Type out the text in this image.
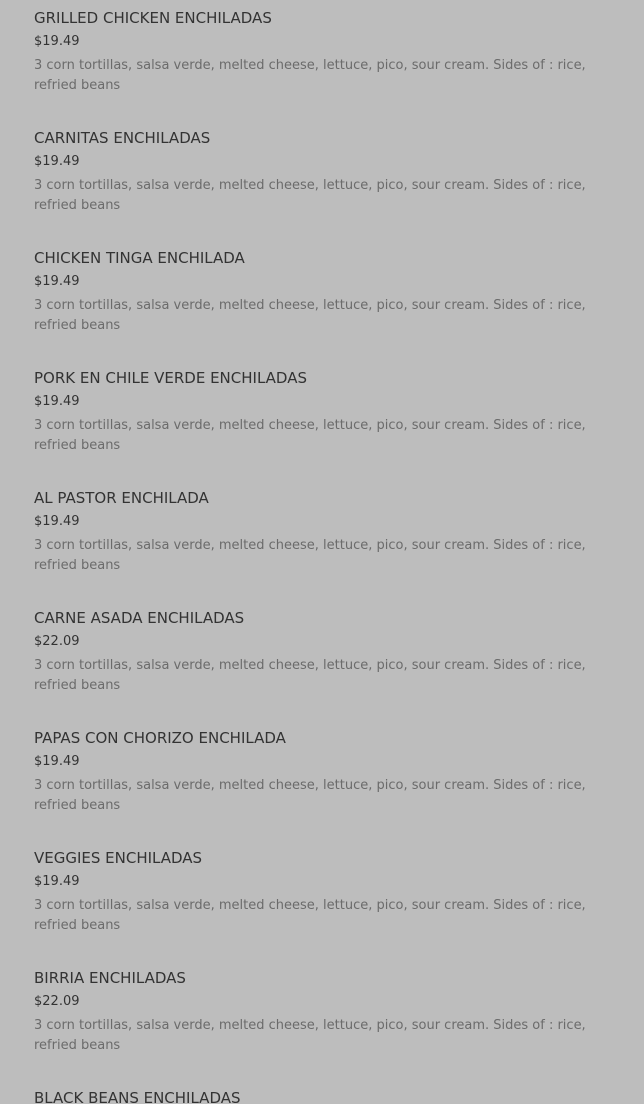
GRILLED CHICKEN ENCHILADAS
$19.49

3 corn tortillas, salsa verde, melted cheese, lettuce, pico, sour cream. Sides of : rice, refried beans

CARNITAS ENCHILADAS
$19.49

3 corn tortillas, salsa verde, melted cheese, lettuce, pico, sour cream. Sides of : rice, refried beans

CHICKEN TINGA ENCHILADA
$19.49

3 corn tortillas, salsa verde, melted cheese, lettuce, pico, sour cream. Sides of : rice, refried beans

PORK EN CHILE VERDE ENCHILADAS
$19.49

3 corn tortillas, salsa verde, melted cheese, lettuce, pico, sour cream. Sides of : rice, refried beans

AL PASTOR ENCHILADA
$19.49

3 corn tortillas, salsa verde, melted cheese, lettuce, pico, sour cream. Sides of : rice, refried beans

CARNE ASADA ENCHILADAS
$22.09

3 corn tortillas, salsa verde, melted cheese, lettuce, pico, sour cream. Sides of : rice, refried beans

PAPAS CON CHORIZO ENCHILADA
$19.49

3 corn tortillas, salsa verde, melted cheese, lettuce, pico, sour cream. Sides of : rice, refried beans

VEGGIES ENCHILADAS
$19.49

3 corn tortillas, salsa verde, melted cheese, lettuce, pico, sour cream. Sides of : rice, refried beans

BIRRIA ENCHILADAS
$22.09

3 corn tortillas, salsa verde, melted cheese, lettuce, pico, sour cream. Sides of : rice, refried beans

BLACK BEANS ENCHILADAS
